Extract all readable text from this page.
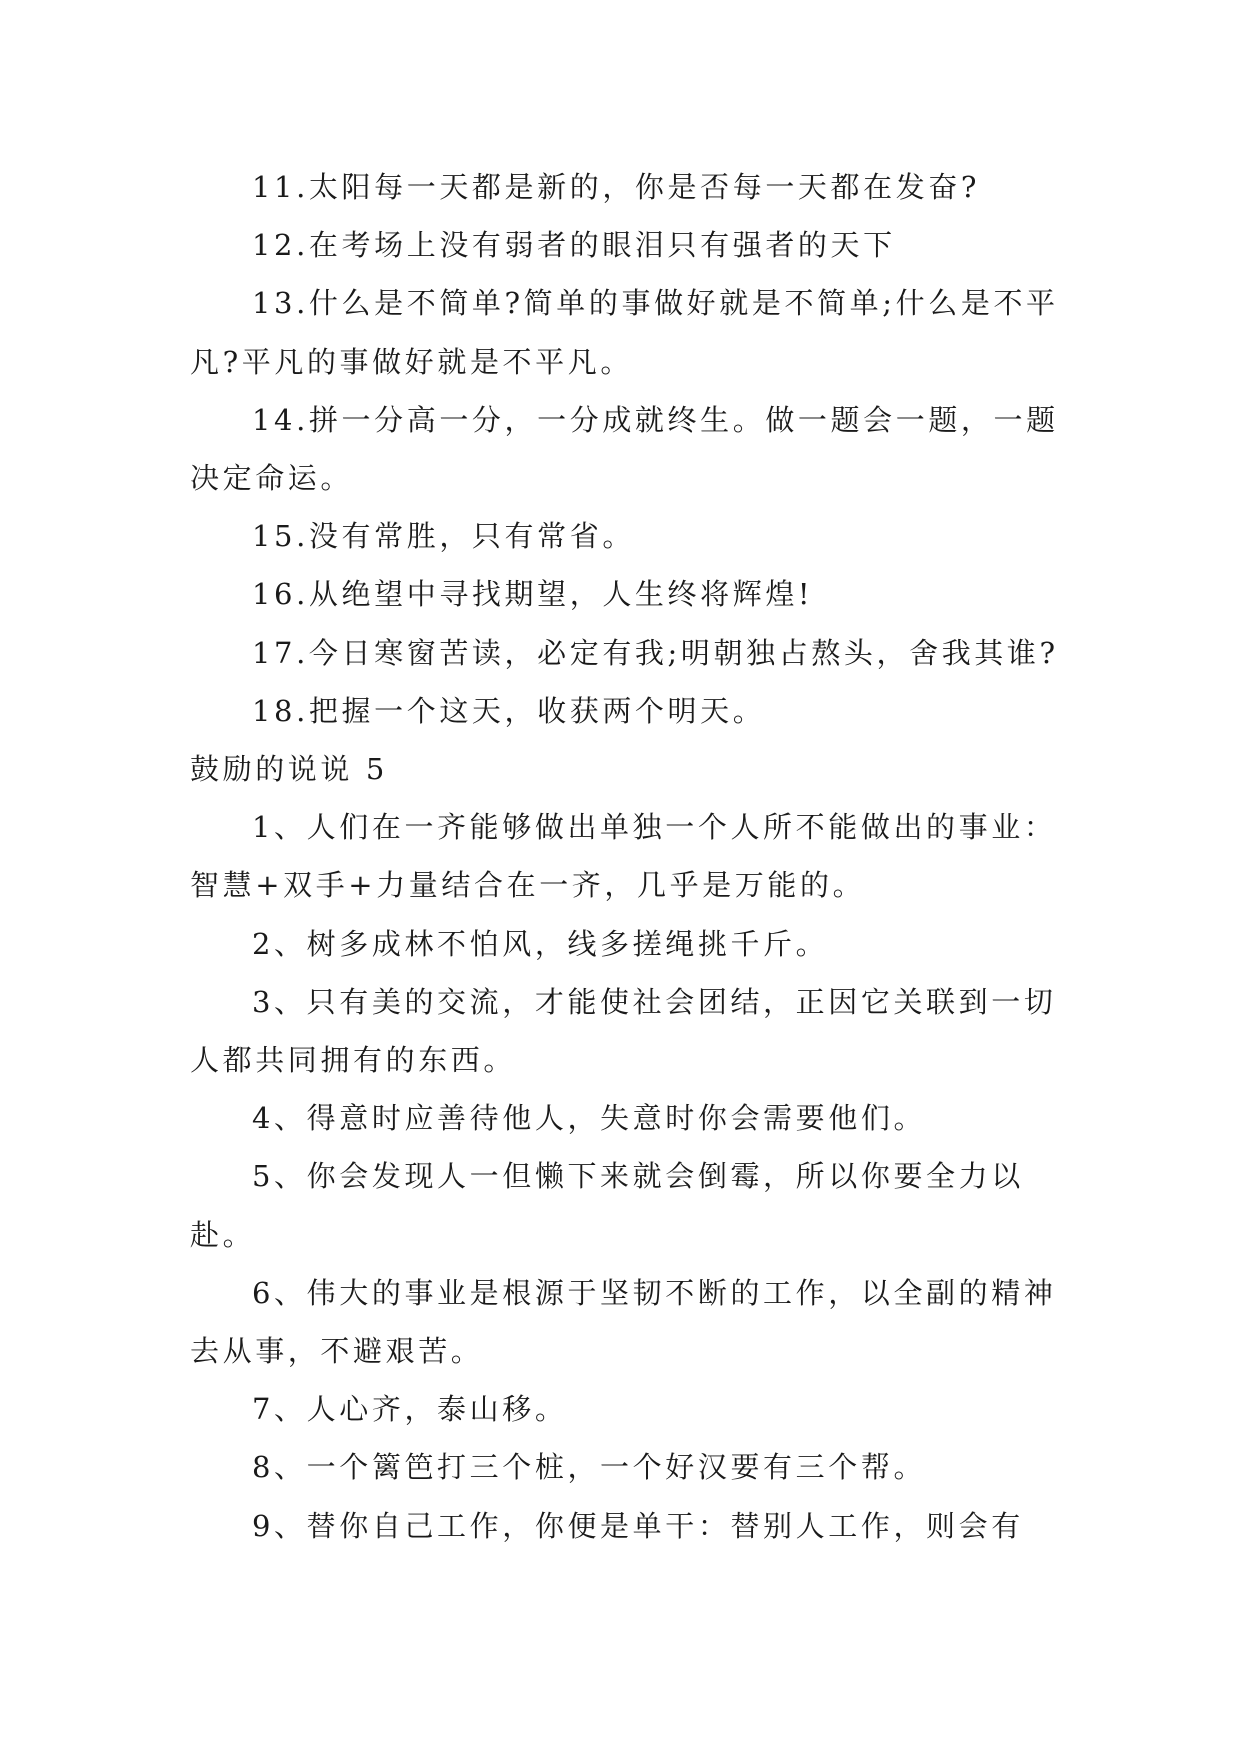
11.太阳每一天都是新的，你是否每一天都在发奋?

12.在考场上没有弱者的眼泪只有强者的天下

13.什么是不简单?简单的事做好就是不简单;什么是不平凡?平凡的事做好就是不平凡。

14.拼一分高一分，一分成就终生。做一题会一题，一题决定命运。

15.没有常胜，只有常省。

16.从绝望中寻找期望，人生终将辉煌!

17.今日寒窗苦读，必定有我;明朝独占熬头，舍我其谁?

18.把握一个这天，收获两个明天。

鼓励的说说 5

1、人们在一齐能够做出单独一个人所不能做出的事业：智慧+双手+力量结合在一齐，几乎是万能的。

2、树多成林不怕风，线多搓绳挑千斤。

3、只有美的交流，才能使社会团结，正因它关联到一切人都共同拥有的东西。

4、得意时应善待他人，失意时你会需要他们。

5、你会发现人一但懒下来就会倒霉，所以你要全力以赴。

6、伟大的事业是根源于坚韧不断的工作，以全副的精神去从事，不避艰苦。

7、人心齐，泰山移。

8、一个篱笆打三个桩，一个好汉要有三个帮。

9、替你自己工作，你便是单干：替别人工作，则会有
